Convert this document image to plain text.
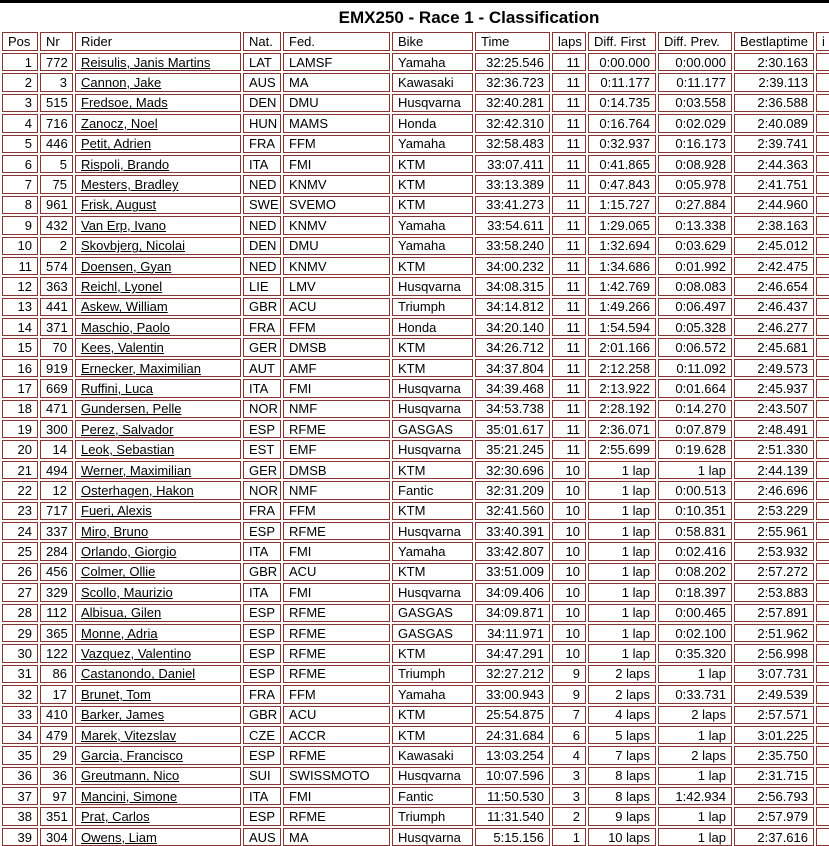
EMX250 - Race 1 - Classification
Pos	Nr	Rider	Nat.	Fed.	Bike	Time	laps	Diff. First	Diff. Prev.	Bestlaptime	i
1	772	Reisulis, Janis Martins	LAT	LAMSF	Yamaha	32:25.546	11	0:00.000	0:00.000	2:30.163	
2	3	Cannon, Jake	AUS	MA	Kawasaki	32:36.723	11	0:11.177	0:11.177	2:39.113	
3	515	Fredsoe, Mads	DEN	DMU	Husqvarna	32:40.281	11	0:14.735	0:03.558	2:36.588	
4	716	Zanocz, Noel	HUN	MAMS	Honda	32:42.310	11	0:16.764	0:02.029	2:40.089	
5	446	Petit, Adrien	FRA	FFM	Yamaha	32:58.483	11	0:32.937	0:16.173	2:39.741	
6	5	Rispoli, Brando	ITA	FMI	KTM	33:07.411	11	0:41.865	0:08.928	2:44.363	
7	75	Mesters, Bradley	NED	KNMV	KTM	33:13.389	11	0:47.843	0:05.978	2:41.751	
8	961	Frisk, August	SWE	SVEMO	KTM	33:41.273	11	1:15.727	0:27.884	2:44.960	
9	432	Van Erp, Ivano	NED	KNMV	Yamaha	33:54.611	11	1:29.065	0:13.338	2:38.163	
10	2	Skovbjerg, Nicolai	DEN	DMU	Yamaha	33:58.240	11	1:32.694	0:03.629	2:45.012	
11	574	Doensen, Gyan	NED	KNMV	KTM	34:00.232	11	1:34.686	0:01.992	2:42.475	
12	363	Reichl, Lyonel	LIE	LMV	Husqvarna	34:08.315	11	1:42.769	0:08.083	2:46.654	
13	441	Askew, William	GBR	ACU	Triumph	34:14.812	11	1:49.266	0:06.497	2:46.437	
14	371	Maschio, Paolo	FRA	FFM	Honda	34:20.140	11	1:54.594	0:05.328	2:46.277	
15	70	Kees, Valentin	GER	DMSB	KTM	34:26.712	11	2:01.166	0:06.572	2:45.681	
16	919	Ernecker, Maximilian	AUT	AMF	KTM	34:37.804	11	2:12.258	0:11.092	2:49.573	
17	669	Ruffini, Luca	ITA	FMI	Husqvarna	34:39.468	11	2:13.922	0:01.664	2:45.937	
18	471	Gundersen, Pelle	NOR	NMF	Husqvarna	34:53.738	11	2:28.192	0:14.270	2:43.507	
19	300	Perez, Salvador	ESP	RFME	GASGAS	35:01.617	11	2:36.071	0:07.879	2:48.491	
20	14	Leok, Sebastian	EST	EMF	Husqvarna	35:21.245	11	2:55.699	0:19.628	2:51.330	
21	494	Werner, Maximilian	GER	DMSB	KTM	32:30.696	10	1 lap	1 lap	2:44.139	
22	12	Osterhagen, Hakon	NOR	NMF	Fantic	32:31.209	10	1 lap	0:00.513	2:46.696	
23	717	Fueri, Alexis	FRA	FFM	KTM	32:41.560	10	1 lap	0:10.351	2:53.229	
24	337	Miro, Bruno	ESP	RFME	Husqvarna	33:40.391	10	1 lap	0:58.831	2:55.961	
25	284	Orlando, Giorgio	ITA	FMI	Yamaha	33:42.807	10	1 lap	0:02.416	2:53.932	
26	456	Colmer, Ollie	GBR	ACU	KTM	33:51.009	10	1 lap	0:08.202	2:57.272	
27	329	Scollo, Maurizio	ITA	FMI	Husqvarna	34:09.406	10	1 lap	0:18.397	2:53.883	
28	112	Albisua, Gilen	ESP	RFME	GASGAS	34:09.871	10	1 lap	0:00.465	2:57.891	
29	365	Monne, Adria	ESP	RFME	GASGAS	34:11.971	10	1 lap	0:02.100	2:51.962	
30	122	Vazquez, Valentino	ESP	RFME	KTM	34:47.291	10	1 lap	0:35.320	2:56.998	
31	86	Castanondo, Daniel	ESP	RFME	Triumph	32:27.212	9	2 laps	1 lap	3:07.731	
32	17	Brunet, Tom	FRA	FFM	Yamaha	33:00.943	9	2 laps	0:33.731	2:49.539	
33	410	Barker, James	GBR	ACU	KTM	25:54.875	7	4 laps	2 laps	2:57.571	
34	479	Marek, Vitezslav	CZE	ACCR	KTM	24:31.684	6	5 laps	1 lap	3:01.225	
35	29	Garcia, Francisco	ESP	RFME	Kawasaki	13:03.254	4	7 laps	2 laps	2:35.750	
36	36	Greutmann, Nico	SUI	SWISSMOTO	Husqvarna	10:07.596	3	8 laps	1 lap	2:31.715	
37	97	Mancini, Simone	ITA	FMI	Fantic	11:50.530	3	8 laps	1:42.934	2:56.793	
38	351	Prat, Carlos	ESP	RFME	Triumph	11:31.540	2	9 laps	1 lap	2:57.979	
39	304	Owens, Liam	AUS	MA	Husqvarna	5:15.156	1	10 laps	1 lap	2:37.616	
